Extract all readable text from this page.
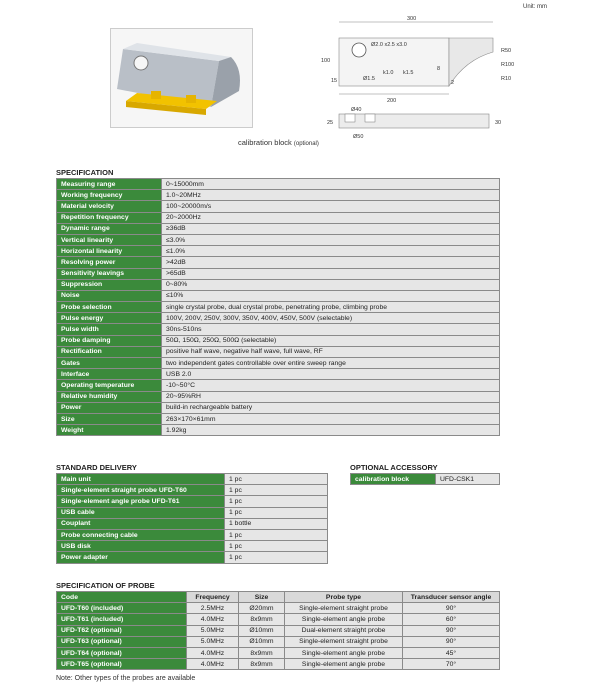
Unit: mm
300
100
15
200
Ø2.0 x2.5 x3.0
Ø1.5
k1.0 k1.5
2
8
R50
R100
R10
Ø40
25	30
Ø50
calibration block (optional)
SPECIFICATION
Measuring range	0~15000mm
Working frequency	1.0~20MHz
Material velocity	100~20000m/s
Repetition frequency	20~2000Hz
Dynamic range	≥36dB
Vertical linearity	≤3.0%
Horizontal linearity	≤1.0%
Resolving power	>42dB
Sensitivity leavings	>65dB
Suppression	0~80%
Noise	≤10%
Probe selection	single crystal probe, dual crystal probe, penetrating probe, climbing probe
Pulse energy	100V, 200V, 250V, 300V, 350V, 400V, 450V, 500V (selectable)
Pulse width	30ns-510ns
Probe damping	50Ω, 150Ω, 250Ω, 500Ω (selectable)
Rectification	positive half wave, negative half wave, full wave, RF
Gates	two independent gates controllable over entire sweep range
Interface	USB 2.0
Operating temperature	-10~50°C
Relative humidity	20~95%RH
Power	build-in rechargeable battery
Size	263×170×61mm
Weight	1.92kg
STANDARD DELIVERY
Main unit	1 pc
Single-element straight probe UFD-T60	1 pc
Single-element angle probe UFD-T61	1 pc
USB cable	1 pc
Couplant	1 bottle
Probe connecting cable	1 pc
USB disk	1 pc
Power adapter	1 pc
OPTIONAL ACCESSORY
calibration block	UFD-CSK1
SPECIFICATION OF PROBE
Code	Frequency	Size	Probe type	Transducer sensor angle
UFD-T60 (included)	2.5MHz	Ø20mm	Single-element straight probe	90°
UFD-T61 (included)	4.0MHz	8x9mm	Single-element angle probe	60°
UFD-T62 (optional)	5.0MHz	Ø10mm	Dual-element straight probe	90°
UFD-T63 (optional)	5.0MHz	Ø10mm	Single-element straight probe	90°
UFD-T64 (optional)	4.0MHz	8x9mm	Single-element angle probe	45°
UFD-T65 (optional)	4.0MHz	8x9mm	Single-element angle probe	70°
Note: Other types of the probes are available
